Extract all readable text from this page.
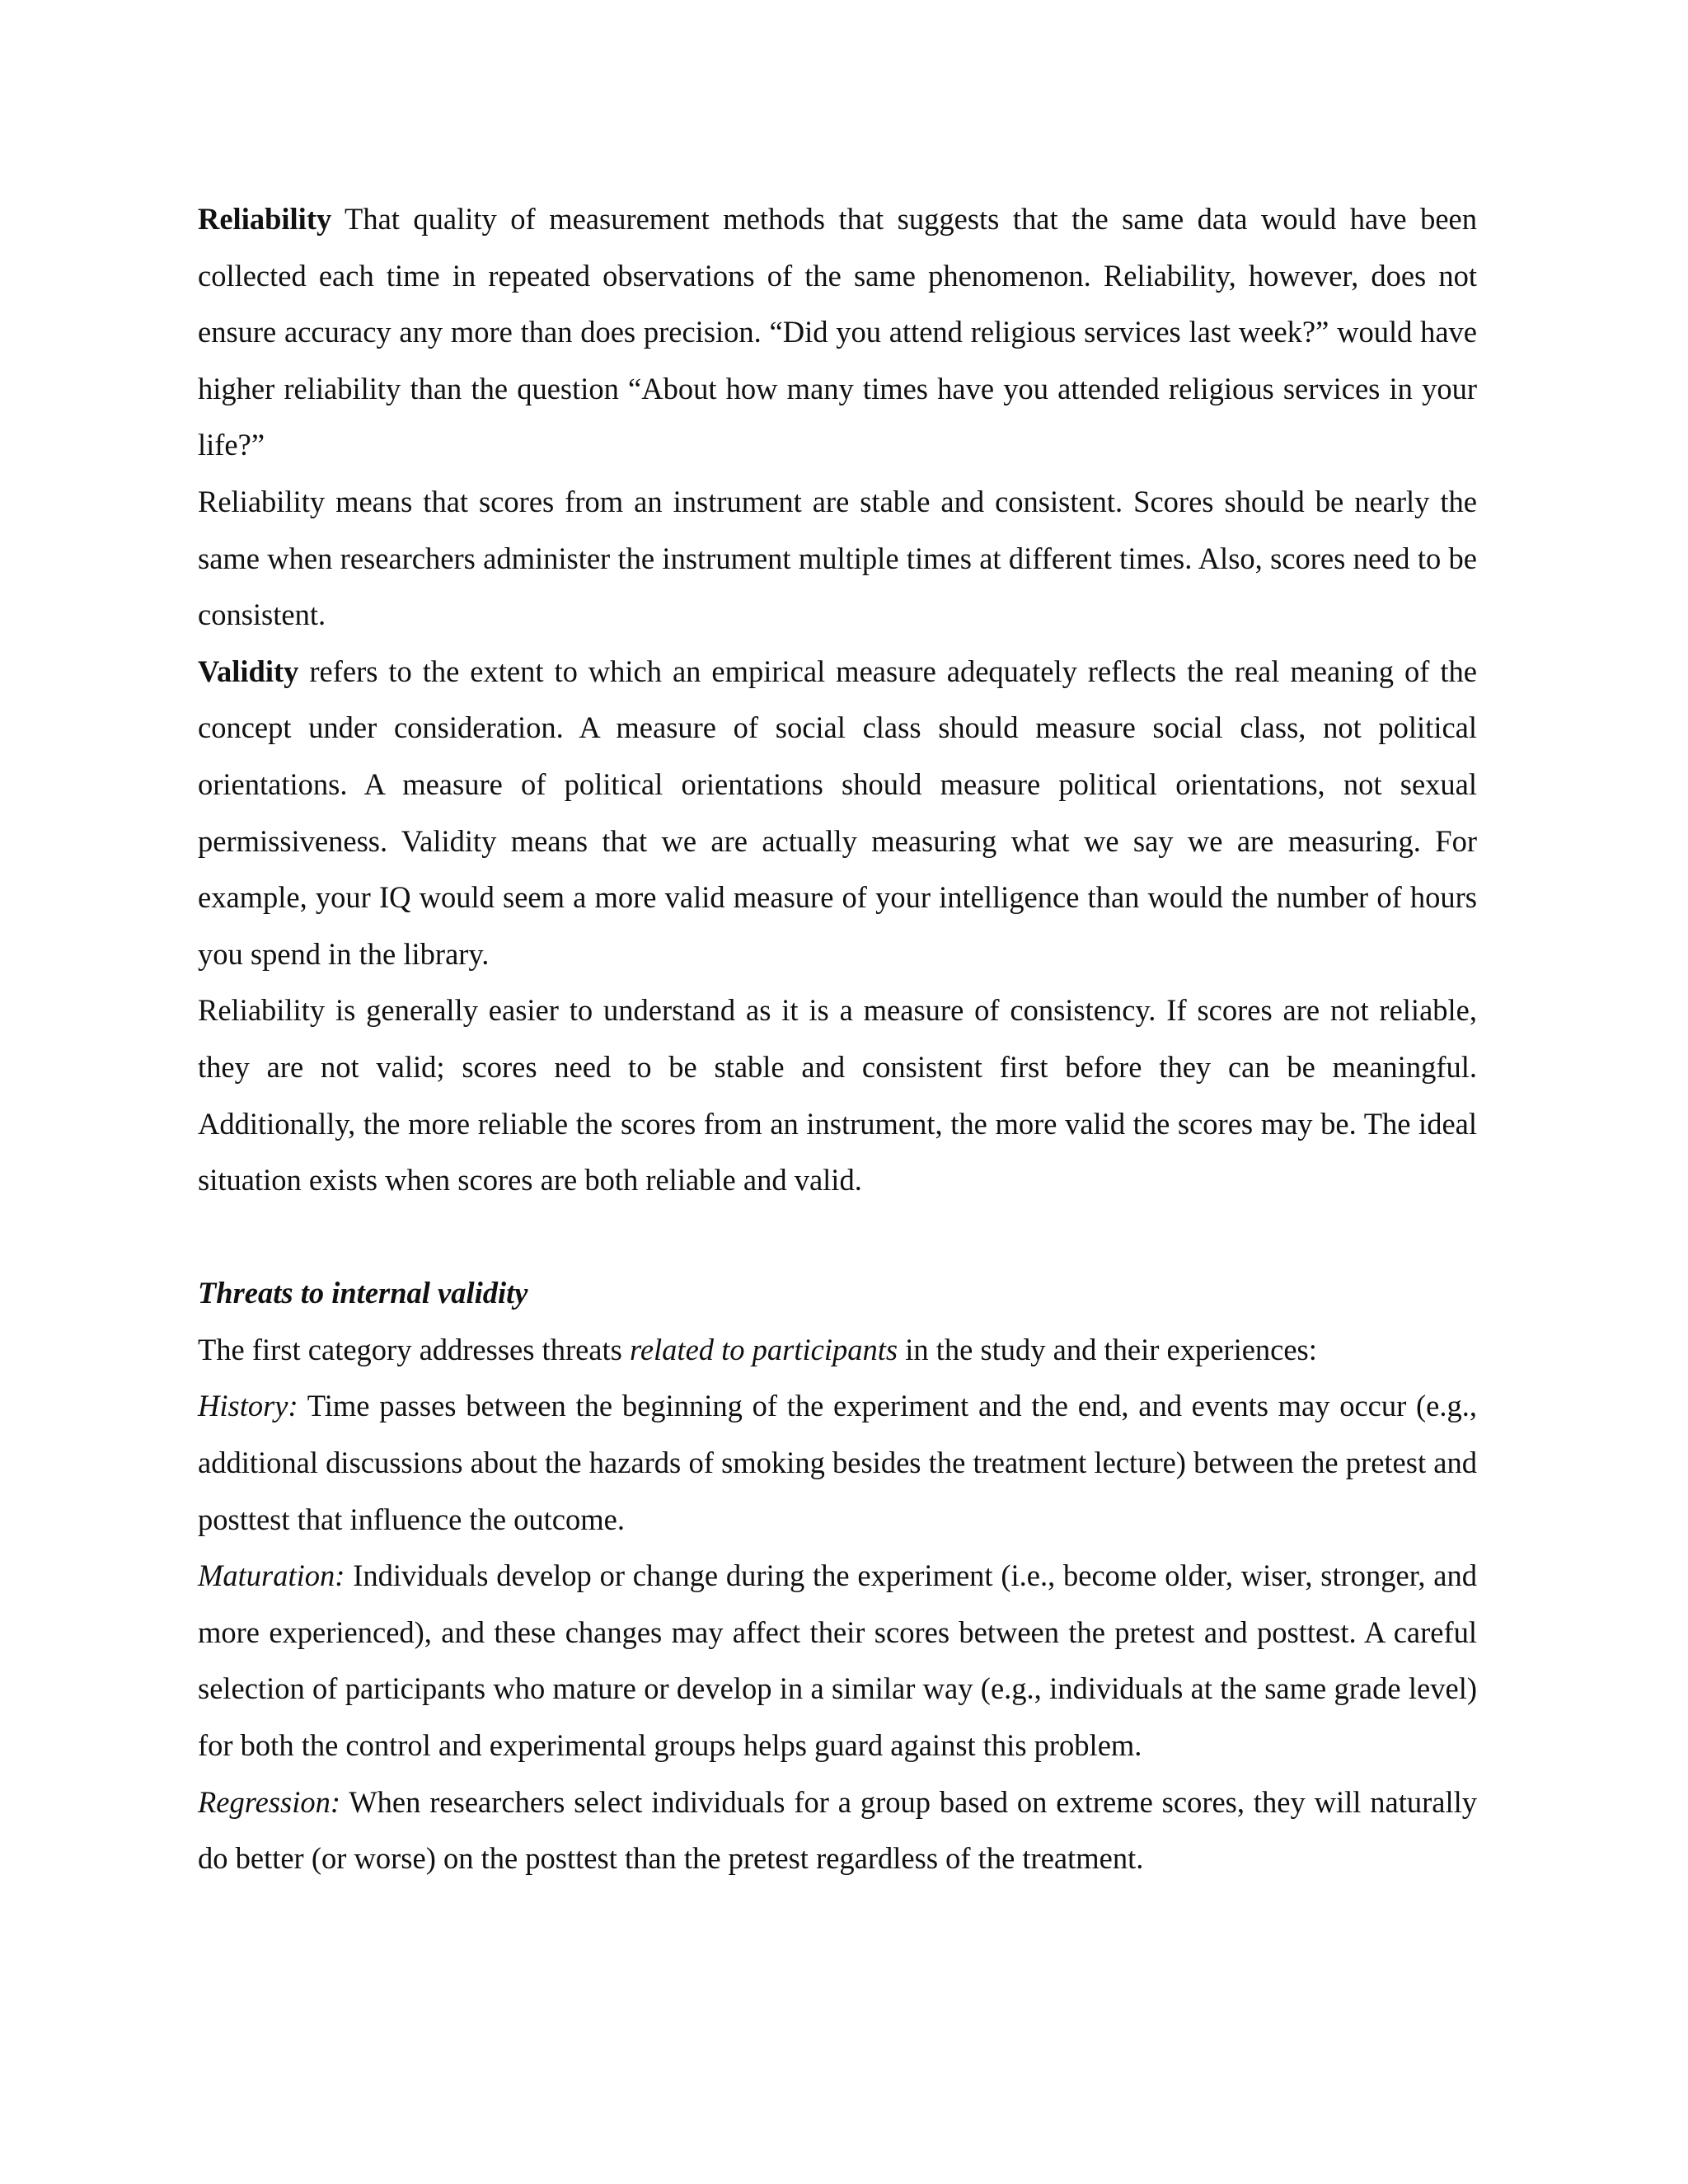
Reliability That quality of measurement methods that suggests that the same data would have been collected each time in repeated observations of the same phenomenon. Reliability, however, does not ensure accuracy any more than does precision. “Did you attend religious services last week?” would have higher reliability than the question “About how many times have you attended religious services in your life?”

Reliability means that scores from an instrument are stable and consistent. Scores should be nearly the same when researchers administer the instrument multiple times at different times. Also, scores need to be consistent.

Validity refers to the extent to which an empirical measure adequately reflects the real meaning of the concept under consideration. A measure of social class should measure social class, not political orientations. A measure of political orientations should measure political orientations, not sexual permissiveness. Validity means that we are actually measuring what we say we are measuring. For example, your IQ would seem a more valid measure of your intelligence than would the number of hours you spend in the library.

Reliability is generally easier to understand as it is a measure of consistency. If scores are not reliable, they are not valid; scores need to be stable and consistent first before they can be meaningful. Additionally, the more reliable the scores from an instrument, the more valid the scores may be. The ideal situation exists when scores are both reliable and valid.

Threats to internal validity

The first category addresses threats related to participants in the study and their experiences:

History: Time passes between the beginning of the experiment and the end, and events may occur (e.g., additional discussions about the hazards of smoking besides the treatment lecture) between the pretest and posttest that influence the outcome.

Maturation: Individuals develop or change during the experiment (i.e., become older, wiser, stronger, and more experienced), and these changes may affect their scores between the pretest and posttest. A careful selection of participants who mature or develop in a similar way (e.g., individuals at the same grade level) for both the control and experimental groups helps guard against this problem.

Regression: When researchers select individuals for a group based on extreme scores, they will naturally do better (or worse) on the posttest than the pretest regardless of the treatment.
